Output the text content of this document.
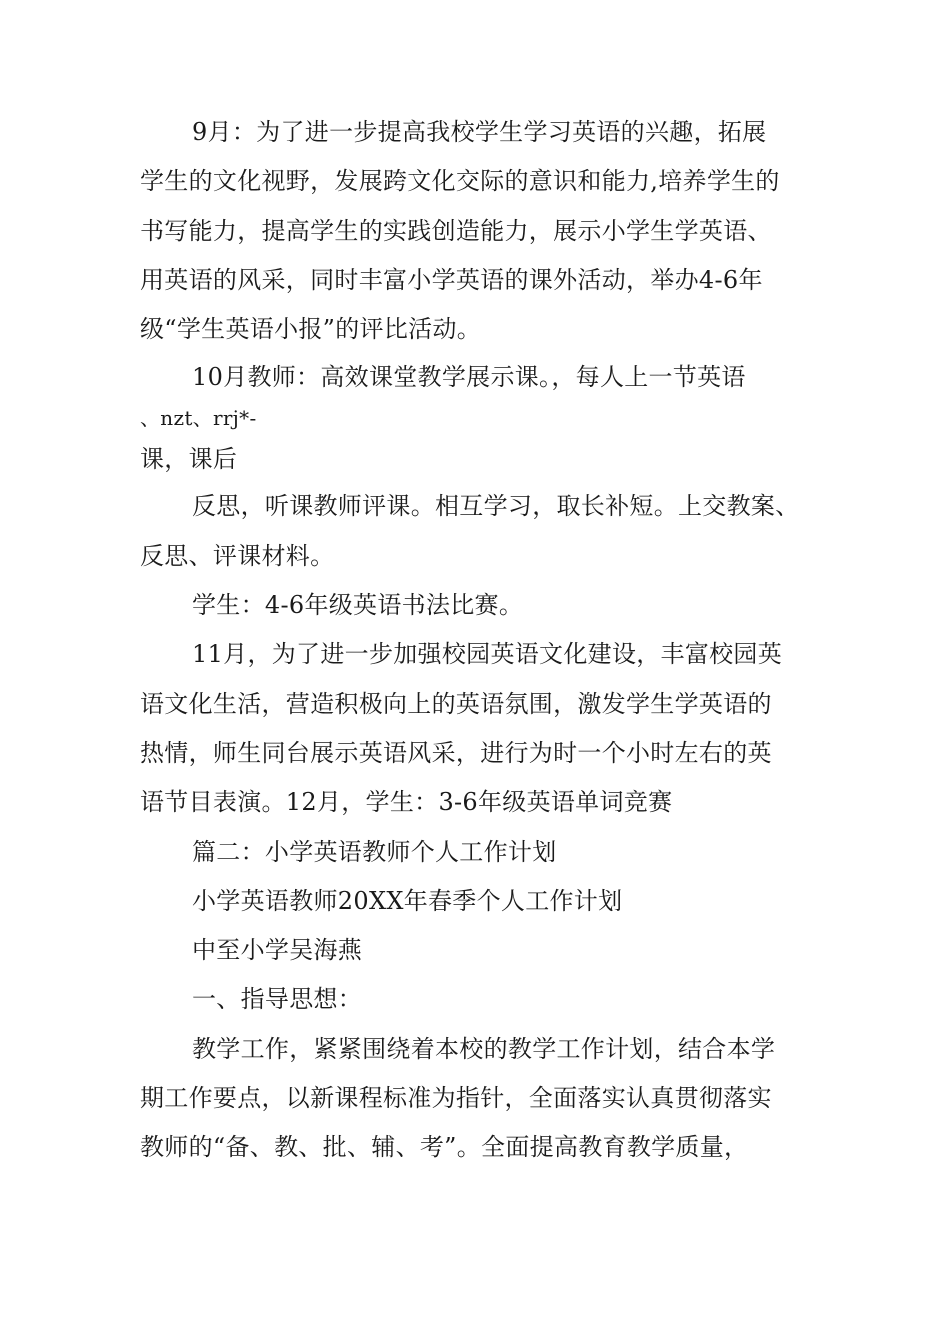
9月：为了进一步提高我校学生学习英语的兴趣，拓展
学生的文化视野，发展跨文化交际的意识和能力,培养学生的
书写能力，提高学生的实践创造能力，展示小学生学英语、
用英语的风采，同时丰富小学英语的课外活动，举办4-6年
级“学生英语小报”的评比活动。
10月教师：高效课堂教学展示课。，每人上一节英语
、nzt、rrj*-
课，课后
反思，听课教师评课。相互学习，取长补短。上交教案、
反思、评课材料。
学生：4-6年级英语书法比赛。
11月，为了进一步加强校园英语文化建设，丰富校园英
语文化生活，营造积极向上的英语氛围，激发学生学英语的
热情，师生同台展示英语风采，进行为时一个小时左右的英
语节目表演。12月，学生：3-6年级英语单词竞赛
篇二：小学英语教师个人工作计划
小学英语教师20XX年春季个人工作计划
中至小学吴海燕
一、指导思想：
教学工作，紧紧围绕着本校的教学工作计划，结合本学
期工作要点，以新课程标准为指针，全面落实认真贯彻落实
教师的“备、教、批、辅、考”。全面提高教育教学质量，
